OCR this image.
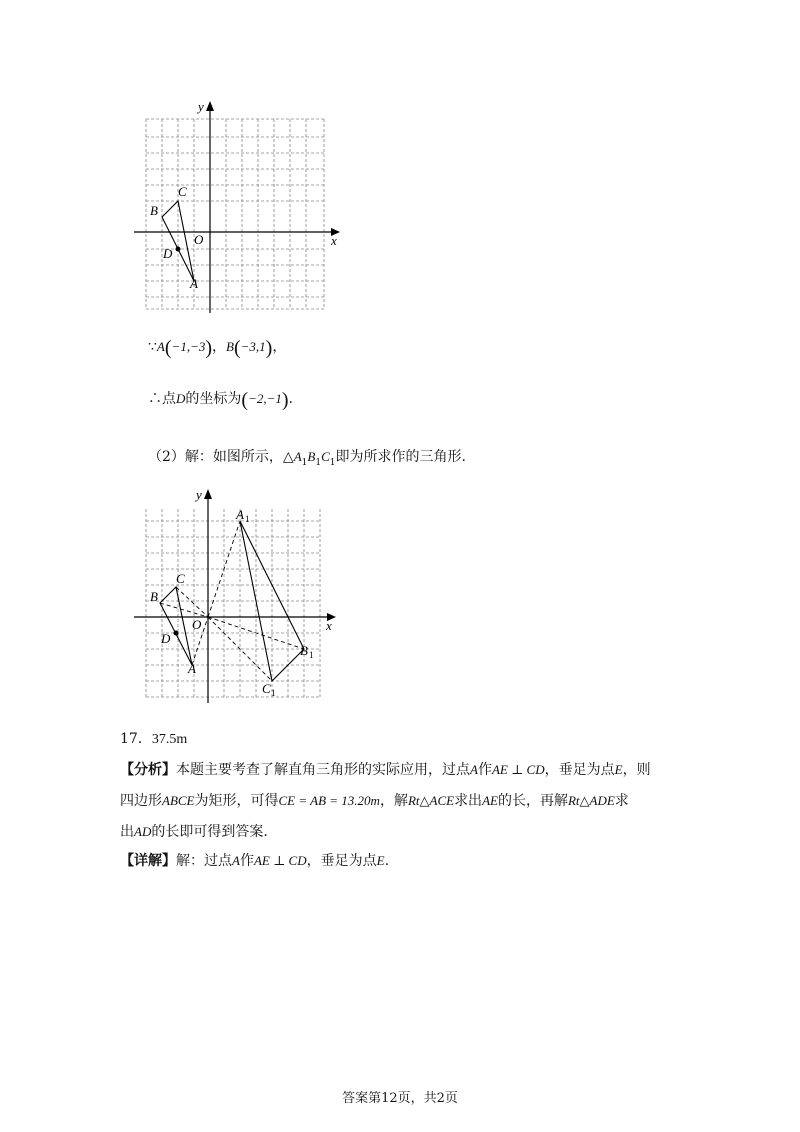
x
y
O
A
B
C
D
∵A(−1,−3)，B(−3,1)，
∴点D的坐标为(−2,−1).
（2）解：如图所示，$\triangle A_1B_1C_1$即为所求作的三角形.
x
y
O
A
B
C
D
A 1
B 1
C 1
17．37.5m
【分析】本题主要考查了解直角三角形的实际应用，过点A作AE ⊥ CD，垂足为点E，则
四边形ABCE为矩形，可得CE = AB = 13.20m，解Rt△ACE求出AE的长，再解Rt△ADE求
出AD的长即可得到答案.
【详解】解：过点A作AE ⊥ CD，垂足为点E.
答案第12页，共2页
